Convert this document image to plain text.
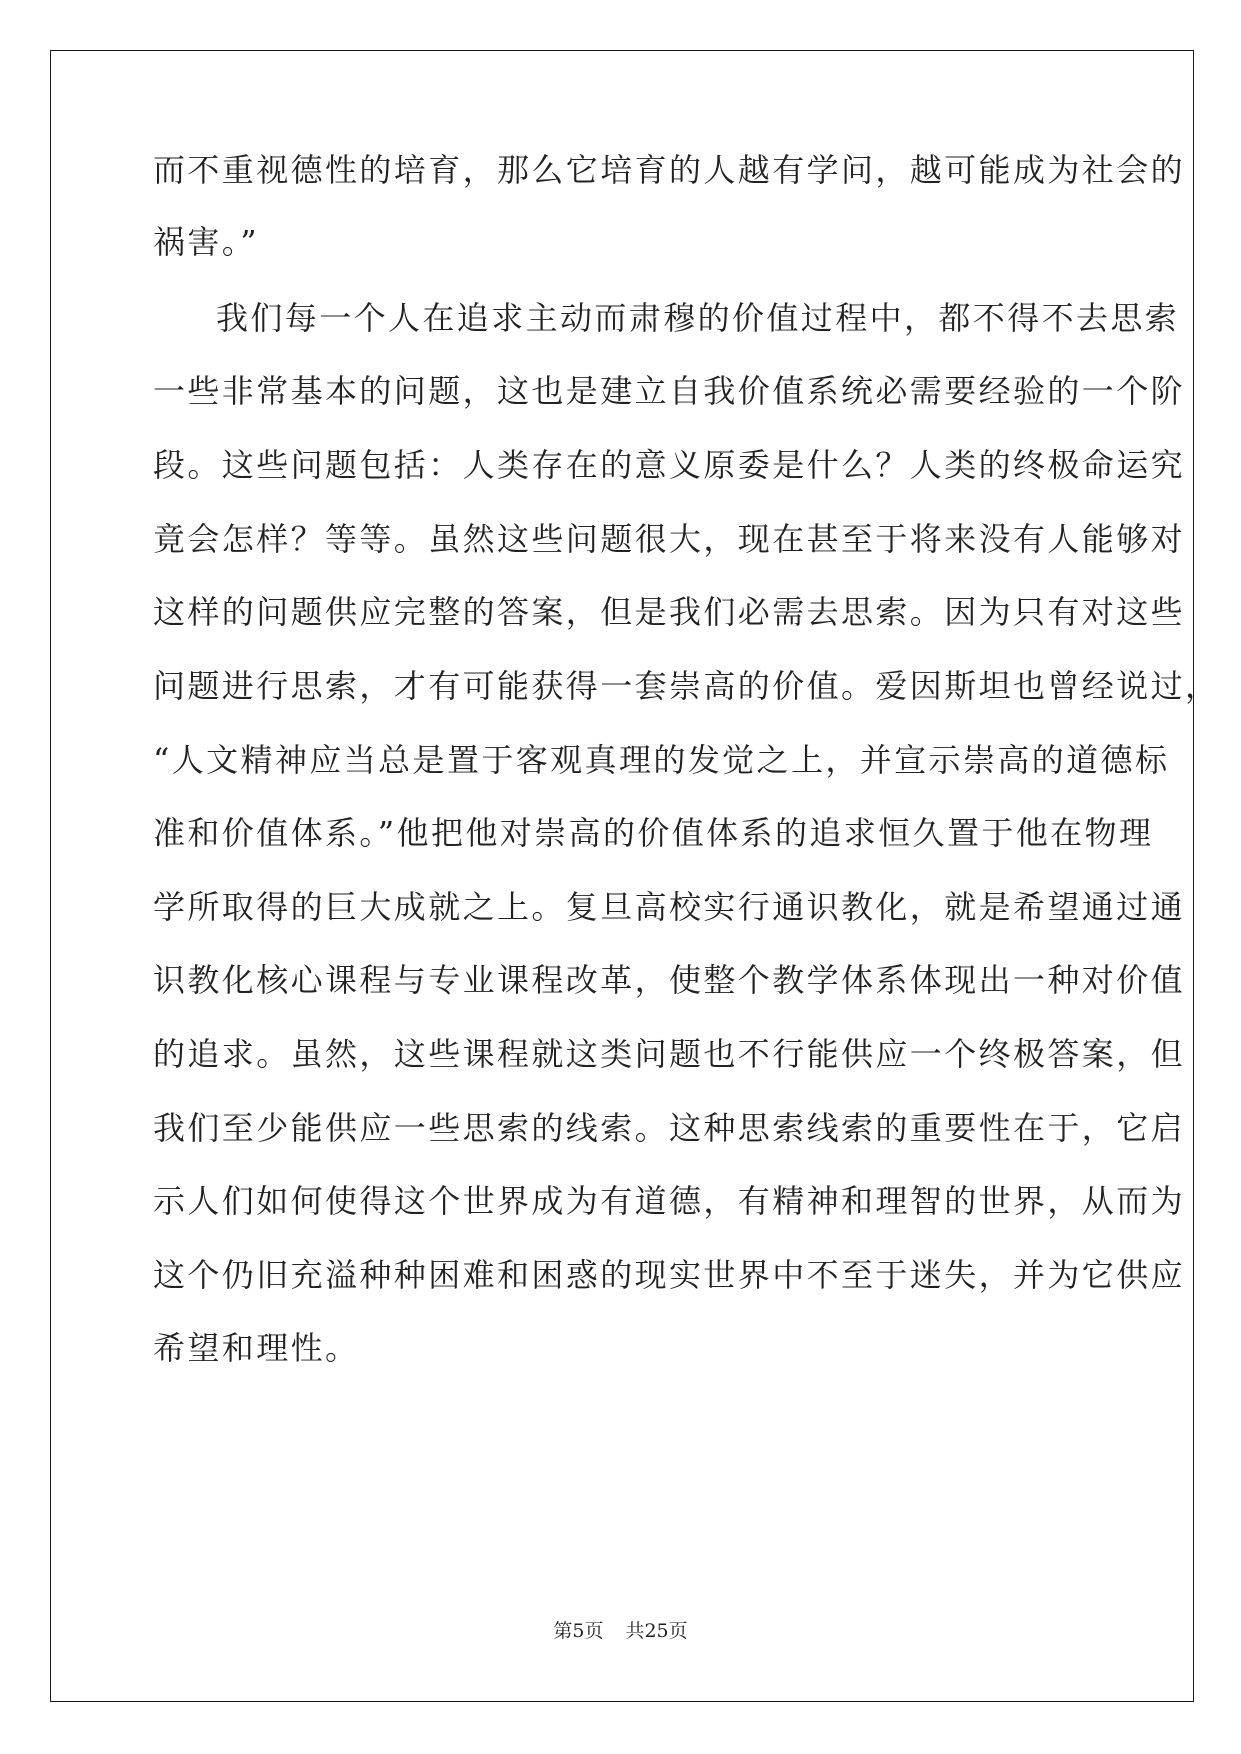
而不重视德性的培育，那么它培育的人越有学问，越可能成为社会的

祸害。”

我们每一个人在追求主动而肃穆的价值过程中，都不得不去思索

一些非常基本的问题，这也是建立自我价值系统必需要经验的一个阶

段。这些问题包括：人类存在的意义原委是什么？人类的终极命运究

竟会怎样？等等。虽然这些问题很大，现在甚至于将来没有人能够对

这样的问题供应完整的答案，但是我们必需去思索。因为只有对这些

问题进行思索，才有可能获得一套崇高的价值。爱因斯坦也曾经说过，

“人文精神应当总是置于客观真理的发觉之上，并宣示崇高的道德标

准和价值体系。”他把他对崇高的价值体系的追求恒久置于他在物理

学所取得的巨大成就之上。复旦高校实行通识教化，就是希望通过通

识教化核心课程与专业课程改革，使整个教学体系体现出一种对价值

的追求。虽然，这些课程就这类问题也不行能供应一个终极答案，但

我们至少能供应一些思索的线索。这种思索线索的重要性在于，它启

示人们如何使得这个世界成为有道德，有精神和理智的世界，从而为

这个仍旧充溢种种困难和困惑的现实世界中不至于迷失，并为它供应

希望和理性。

第5页 共25页
